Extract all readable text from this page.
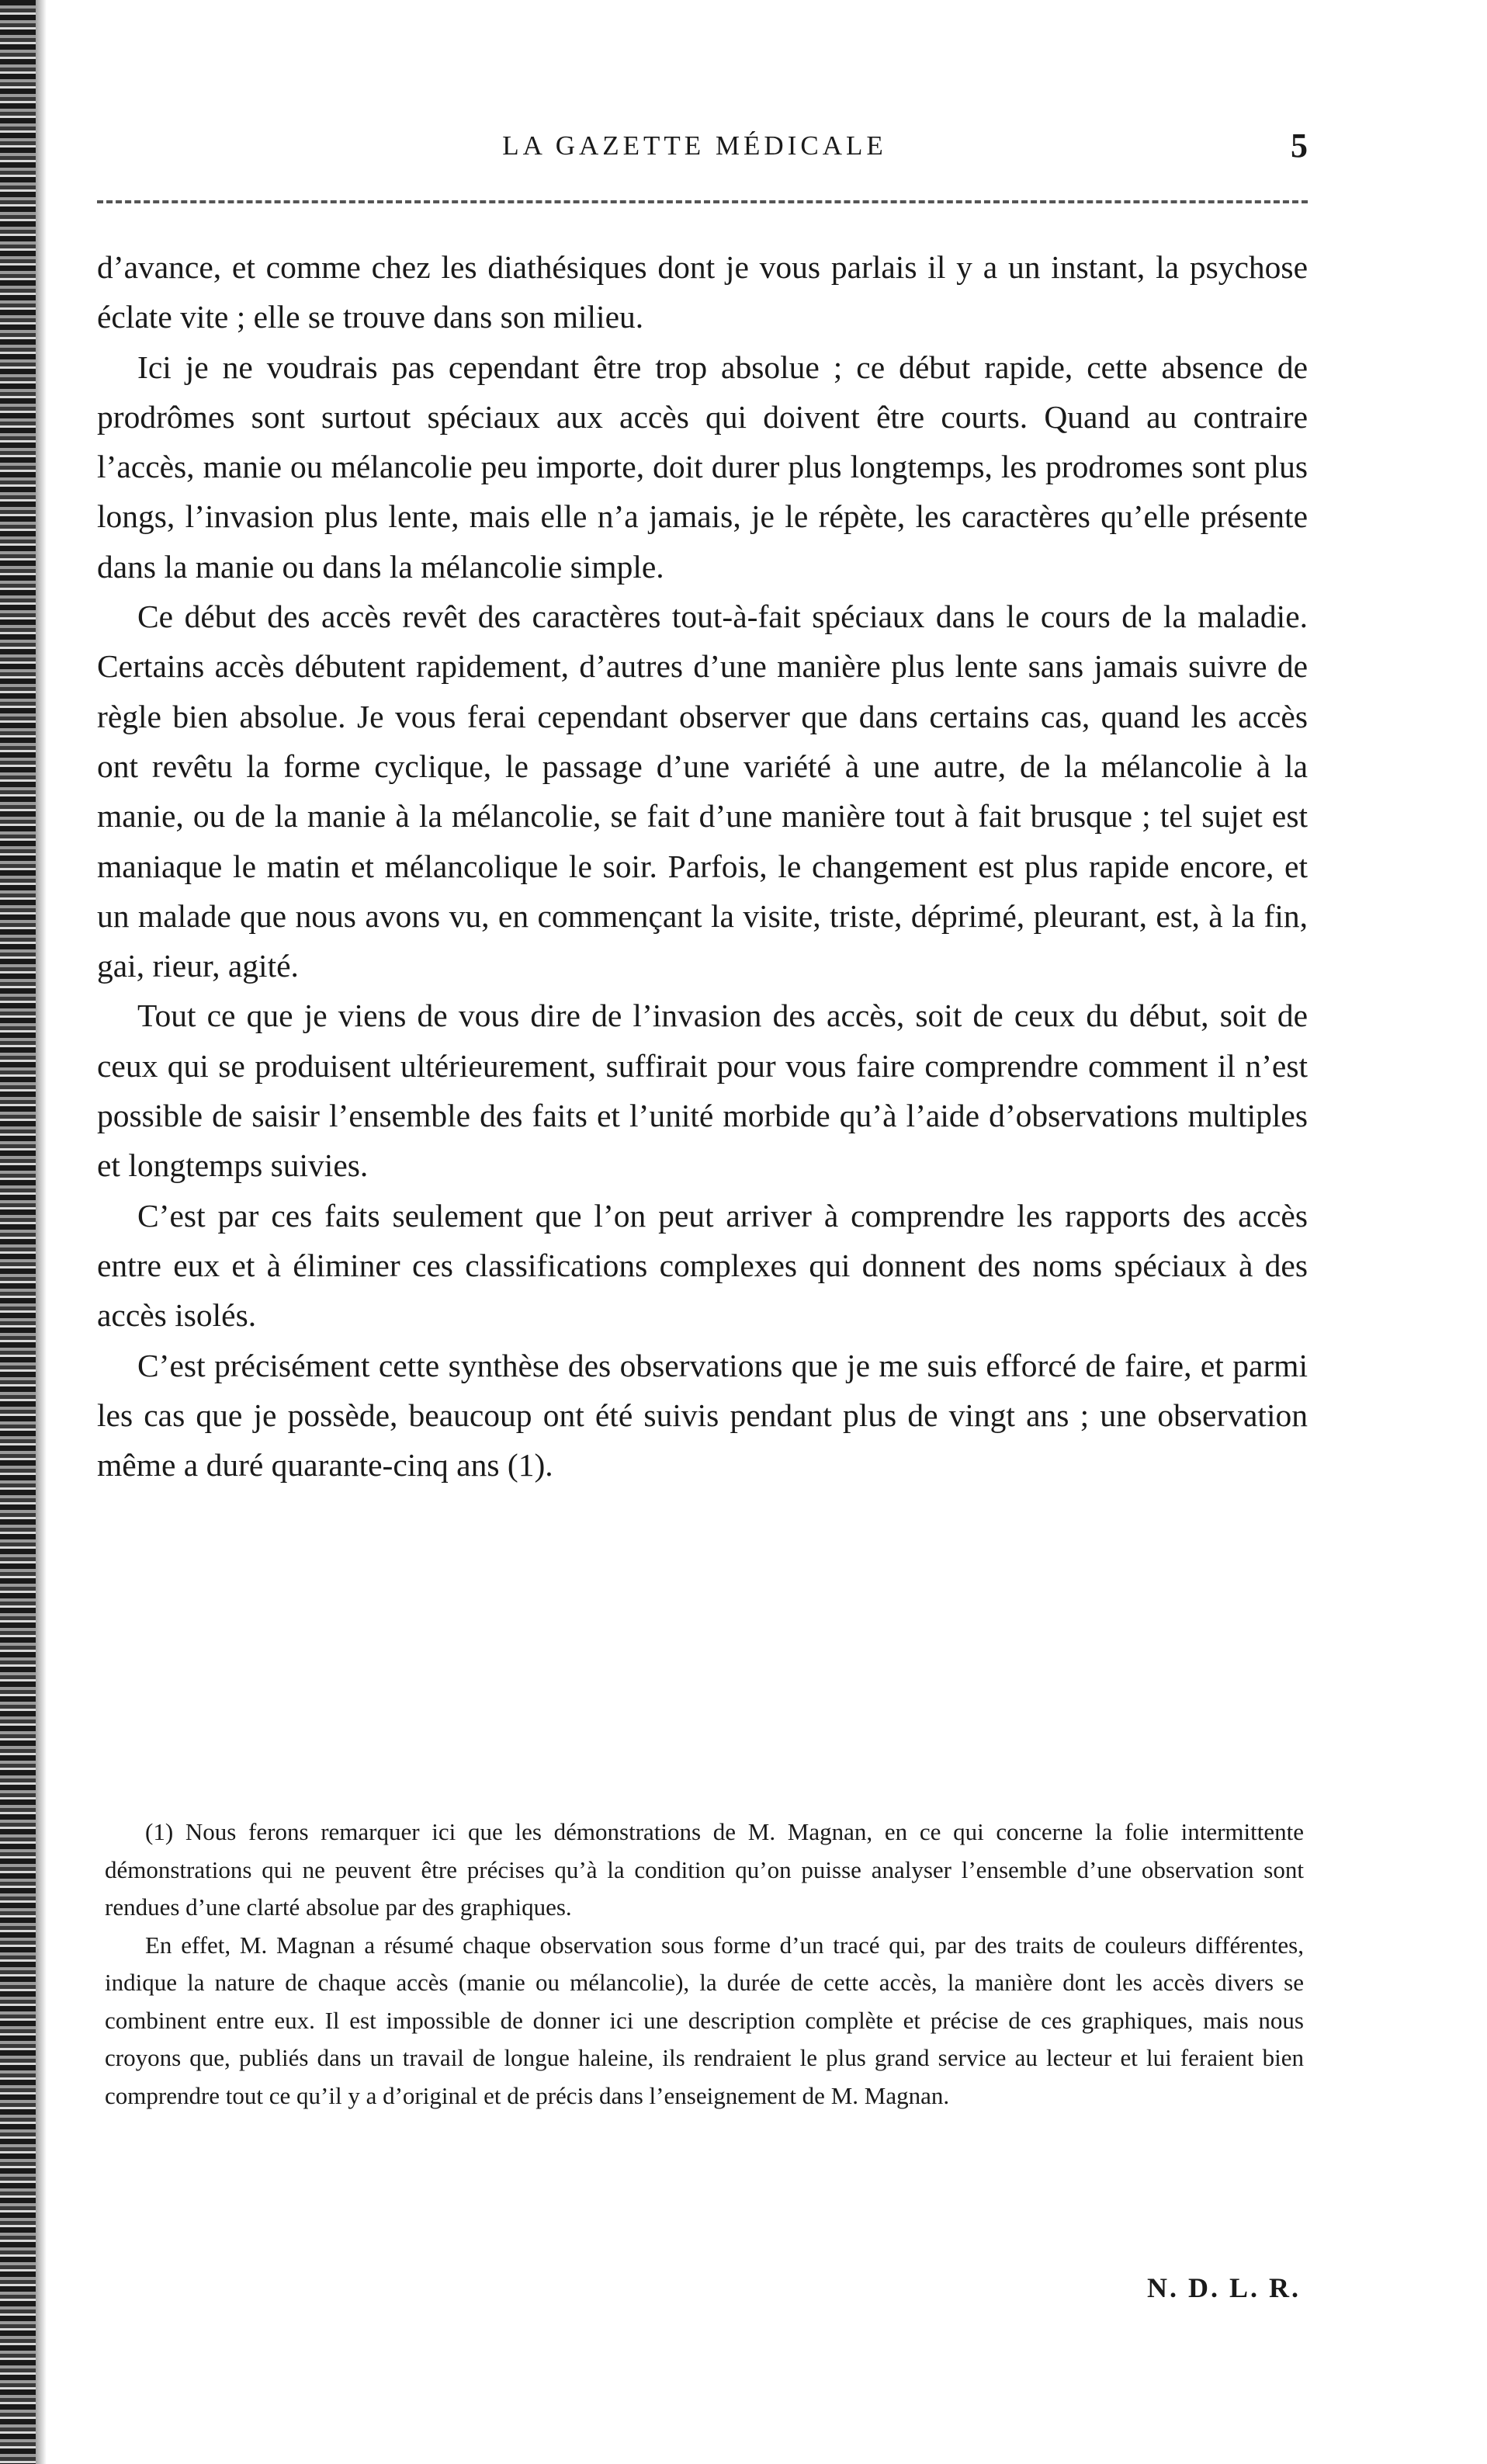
LA GAZETTE MÉDICALE	5

d’avance, et comme chez les diathésiques dont je vous parlais il y a un instant, la psychose éclate vite ; elle se trouve dans son milieu.

Ici je ne voudrais pas cependant être trop absolue ; ce début rapide, cette absence de prodrômes sont surtout spéciaux aux accès qui doivent être courts. Quand au contraire l’accès, manie ou mélancolie peu importe, doit durer plus longtemps, les prodromes sont plus longs, l’invasion plus lente, mais elle n’a jamais, je le répète, les caractères qu’elle présente dans la manie ou dans la mélancolie simple.

Ce début des accès revêt des caractères tout-à-fait spéciaux dans le cours de la maladie. Certains accès débutent rapidement, d’autres d’une manière plus lente sans jamais suivre de règle bien absolue. Je vous ferai cependant observer que dans certains cas, quand les accès ont revêtu la forme cyclique, le passage d’une variété à une autre, de la mélancolie à la manie, ou de la manie à la mélancolie, se fait d’une manière tout à fait brusque ; tel sujet est maniaque le matin et mélancolique le soir. Parfois, le changement est plus rapide encore, et un malade que nous avons vu, en commençant la visite, triste, déprimé, pleurant, est, à la fin, gai, rieur, agité.

Tout ce que je viens de vous dire de l’invasion des accès, soit de ceux du début, soit de ceux qui se produisent ultérieurement, suffirait pour vous faire comprendre comment il n’est possible de saisir l’ensemble des faits et l’unité morbide qu’à l’aide d’observations multiples et longtemps suivies.

C’est par ces faits seulement que l’on peut arriver à comprendre les rapports des accès entre eux et à éliminer ces classifications complexes qui donnent des noms spéciaux à des accès isolés.

C’est précisément cette synthèse des observations que je me suis efforcé de faire, et parmi les cas que je possède, beaucoup ont été suivis pendant plus de vingt ans ; une observation même a duré quarante-cinq ans (1).

(1) Nous ferons remarquer ici que les démonstrations de M. Magnan, en ce qui concerne la folie intermittente démonstrations qui ne peuvent être précises qu’à la condition qu’on puisse analyser l’ensemble d’une observation sont rendues d’une clarté absolue par des graphiques.

En effet, M. Magnan a résumé chaque observation sous forme d’un tracé qui, par des traits de couleurs différentes, indique la nature de chaque accès (manie ou mélancolie), la durée de cette accès, la manière dont les accès divers se combinent entre eux. Il est impossible de donner ici une description complète et précise de ces graphiques, mais nous croyons que, publiés dans un travail de longue haleine, ils rendraient le plus grand service au lecteur et lui feraient bien comprendre tout ce qu’il y a d’original et de précis dans l’enseignement de M. Magnan.

N. D. L. R.
